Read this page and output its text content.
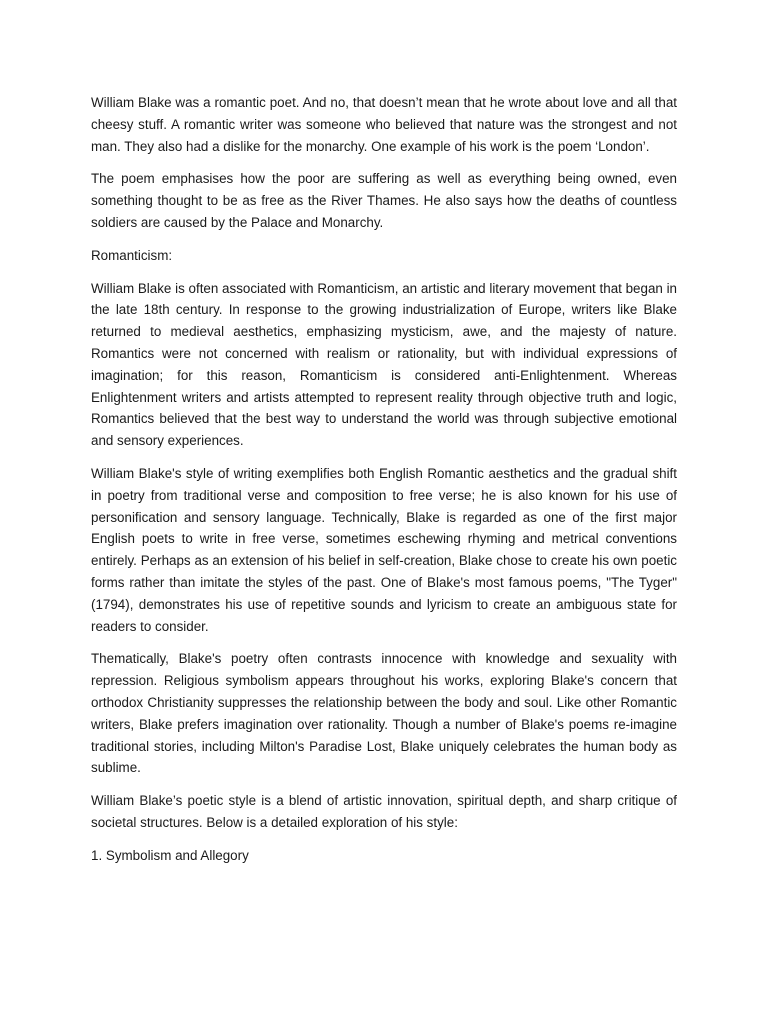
William Blake was a romantic poet. And no, that doesn’t mean that he wrote about love and all that cheesy stuff. A romantic writer was someone who believed that nature was the strongest and not man. They also had a dislike for the monarchy. One example of his work is the poem ‘London’.

The poem emphasises how the poor are suffering as well as everything being owned, even something thought to be as free as the River Thames. He also says how the deaths of countless soldiers are caused by the Palace and Monarchy.

Romanticism:

William Blake is often associated with Romanticism, an artistic and literary movement that began in the late 18th century. In response to the growing industrialization of Europe, writers like Blake returned to medieval aesthetics, emphasizing mysticism, awe, and the majesty of nature. Romantics were not concerned with realism or rationality, but with individual expressions of imagination; for this reason, Romanticism is considered anti-Enlightenment. Whereas Enlightenment writers and artists attempted to represent reality through objective truth and logic, Romantics believed that the best way to understand the world was through subjective emotional and sensory experiences.

William Blake's style of writing exemplifies both English Romantic aesthetics and the gradual shift in poetry from traditional verse and composition to free verse; he is also known for his use of personification and sensory language. Technically, Blake is regarded as one of the first major English poets to write in free verse, sometimes eschewing rhyming and metrical conventions entirely. Perhaps as an extension of his belief in self-creation, Blake chose to create his own poetic forms rather than imitate the styles of the past. One of Blake's most famous poems, "The Tyger" (1794), demonstrates his use of repetitive sounds and lyricism to create an ambiguous state for readers to consider.

Thematically, Blake's poetry often contrasts innocence with knowledge and sexuality with repression. Religious symbolism appears throughout his works, exploring Blake's concern that orthodox Christianity suppresses the relationship between the body and soul. Like other Romantic writers, Blake prefers imagination over rationality. Though a number of Blake's poems re-imagine traditional stories, including Milton's Paradise Lost, Blake uniquely celebrates the human body as sublime.

William Blake’s poetic style is a blend of artistic innovation, spiritual depth, and sharp critique of societal structures. Below is a detailed exploration of his style:

1. Symbolism and Allegory
